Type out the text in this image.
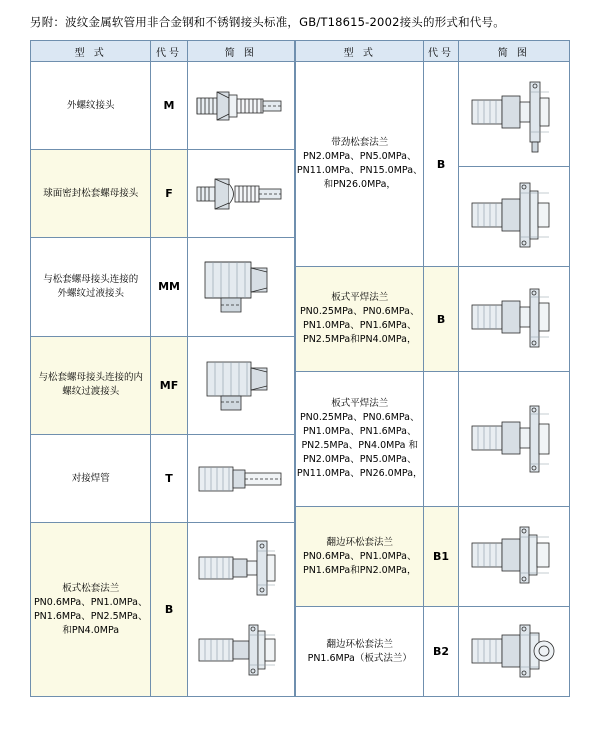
另附：波纹金属软管用非合金钢和不锈钢接头标准，GB/T18615-2002接头的形式和代号。
型 式	代号	简 图

外螺纹接头	M	

球面密封松套螺母接头	F	

与松套螺母接头连接的
外螺纹过液接头	MM	

与松套螺母接头连接的内
螺纹过渡接头	MF	

对接焊管	T	

板式松套法兰
PN0.6MPa、PN1.0MPa、
PN1.6MPa、PN2.5MPa、
和PN4.0MPa	B	
型 式	代号	简 图

带劲松套法兰
PN2.0MPa、PN5.0MPa、
PN11.0MPa、PN15.0MPa、
和PN26.0MPa，	B	

板式平焊法兰
PN0.25MPa、PN0.6MPa、
PN1.0MPa、PN1.6MPa、
PN2.5MPa和PN4.0MPa，	B	

板式平焊法兰
PN0.25MPa、PN0.6MPa、
PN1.0MPa、PN1.6MPa、
PN2.5MPa、PN4.0MPa 和
PN2.0MPa、PN5.0MPa、
PN11.0MPa、PN26.0MPa，

翻边环松套法兰
PN0.6MPa、PN1.0MPa、
PN1.6MPa和PN2.0MPa，	B1	

翻边环松套法兰
PN1.6MPa（板式法兰）	B2	
